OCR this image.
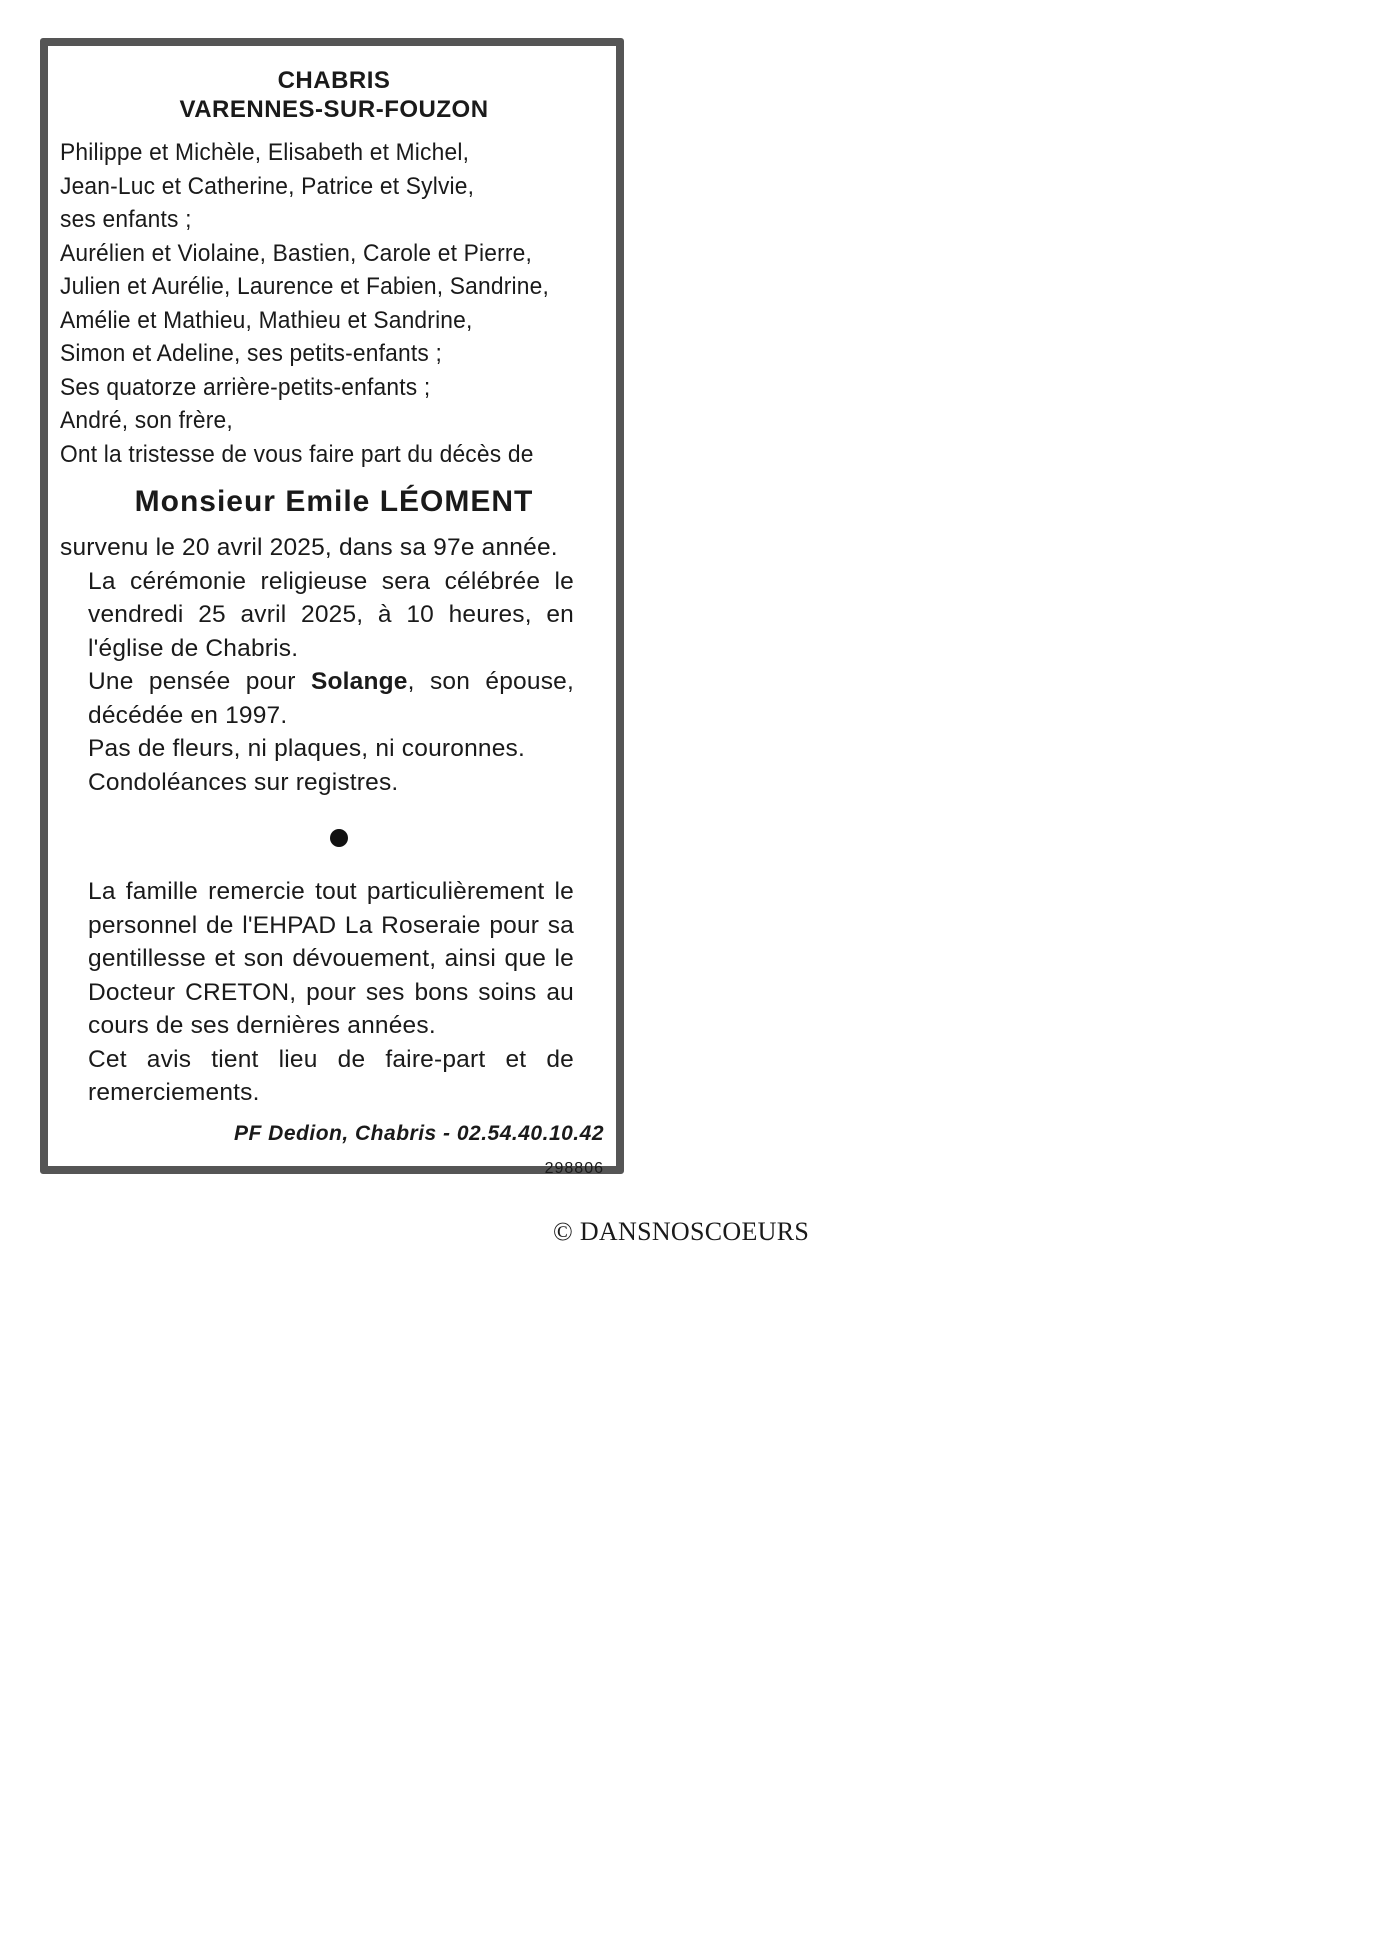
CHABRIS
VARENNES-SUR-FOUZON
Philippe et Michèle, Elisabeth et Michel,
Jean-Luc et Catherine, Patrice et Sylvie,
ses enfants ;
Aurélien et Violaine, Bastien, Carole et Pierre,
Julien et Aurélie, Laurence et Fabien, Sandrine,
Amélie et Mathieu, Mathieu et Sandrine,
Simon et Adeline, ses petits-enfants ;
Ses quatorze arrière-petits-enfants ;
André, son frère,
Ont la tristesse de vous faire part du décès de
Monsieur Emile LÉOMENT
survenu le 20 avril 2025, dans sa 97e année.
La cérémonie religieuse sera célébrée le vendredi 25 avril 2025, à 10 heures, en l'église de Chabris.
Une pensée pour Solange, son épouse, décédée en 1997.
Pas de fleurs, ni plaques, ni couronnes.
Condoléances sur registres.
La famille remercie tout particulièrement le personnel de l'EHPAD La Roseraie pour sa gentillesse et son dévouement, ainsi que le Docteur CRETON, pour ses bons soins au cours de ses dernières années.
Cet avis tient lieu de faire-part et de remerciements.
PF Dedion, Chabris - 02.54.40.10.42
298806
© DANSNOSCOEURS
